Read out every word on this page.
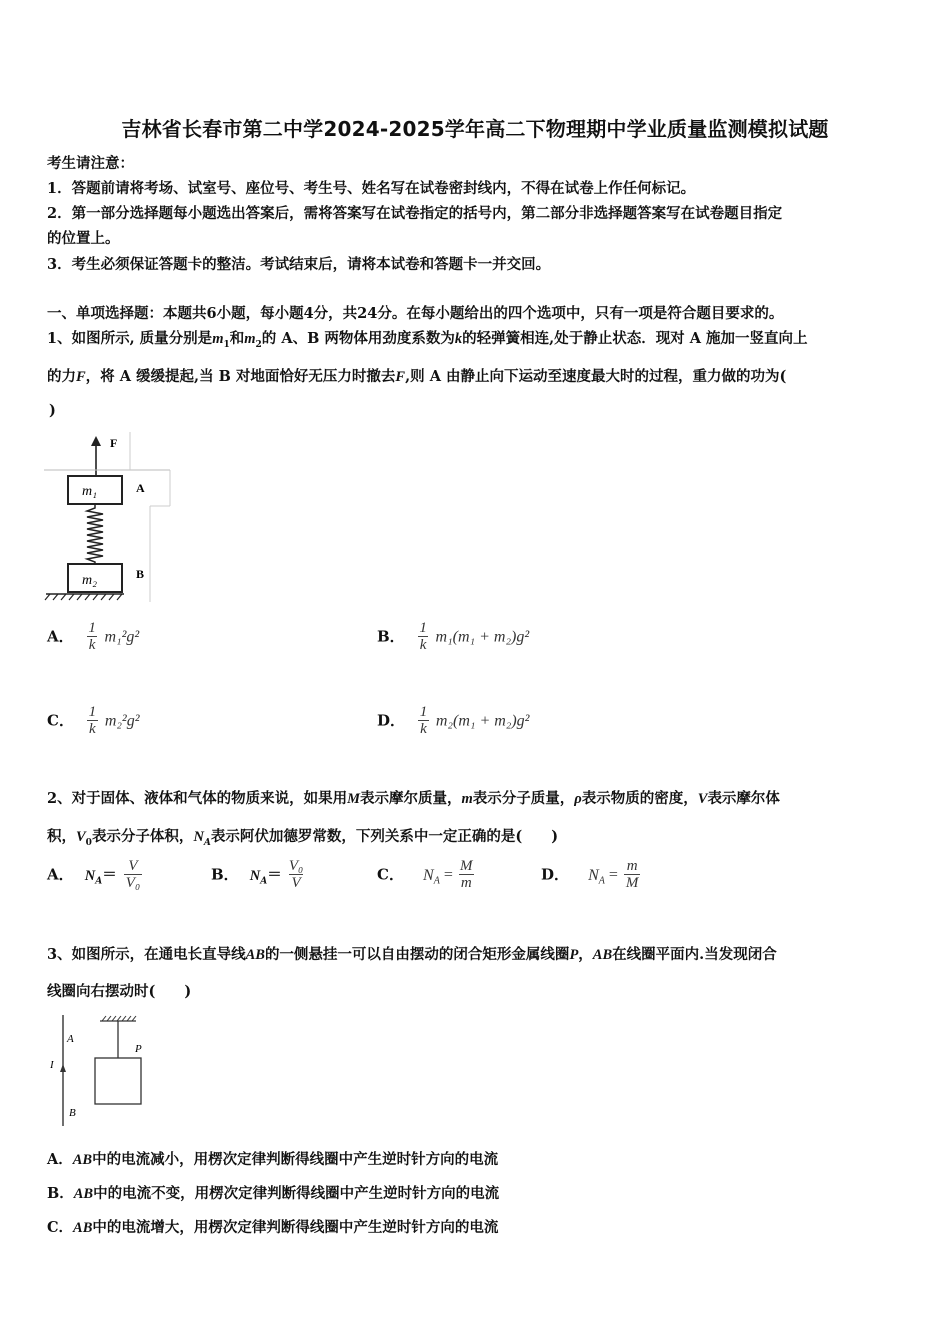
吉林省长春市第二中学2024-2025学年高二下物理期中学业质量监测模拟试题
考生请注意：
1．答题前请将考场、试室号、座位号、考生号、姓名写在试卷密封线内，不得在试卷上作任何标记。
2．第一部分选择题每小题选出答案后，需将答案写在试卷指定的括号内，第二部分非选择题答案写在试卷题目指定
的位置上。
3．考生必须保证答题卡的整洁。考试结束后，请将本试卷和答题卡一并交回。
一、单项选择题：本题共6小题，每小题4分，共24分。在每小题给出的四个选项中，只有一项是符合题目要求的。
1、如图所示, 质量分别是$m_1$和$m_2$的 A、B 两物体用劲度系数为k的轻弹簧相连,处于静止状态．现对 A 施加一竖直向上
的力F，将 A 缓缓提起,当 B 对地面恰好无压力时撤去F,则 A 由静止向下运动至速度最大时的过程，重力做的功为(
)
F
m₁	A
m₂	B
A． $\frac{1}{k} m_1^2g^2$	B． $\frac{1}{k} m_1(m_1 + m_2)g^2$
C． $\frac{1}{k} m_2^2g^2$	D． $\frac{1}{k} m_2(m_1 + m_2)g^2$
2、对于固体、液体和气体的物质来说，如果用M表示摩尔质量，m表示分子质量，ρ表示物质的密度，V表示摩尔体
积，$V_0$表示分子体积，$N_A$表示阿伏加德罗常数，下列关系中一定正确的是(　　)
A． $N_A= \frac{V}{\text{V₀}}$	B． $N_A= \frac{\text{V₀}}{V}$	C． $N_A = \frac{M}{m}$	D． $N_A = \frac{m}{M}$
3、如图所示，在通电长直导线AB的一侧悬挂一可以自由摆动的闭合矩形金属线圈P，AB在线圈平面内.当发现闭合
线圈向右摆动时(　　)
A
I
B
P
A．AB中的电流减小，用楞次定律判断得线圈中产生逆时针方向的电流
B．AB中的电流不变，用楞次定律判断得线圈中产生逆时针方向的电流
C．AB中的电流增大，用楞次定律判断得线圈中产生逆时针方向的电流
